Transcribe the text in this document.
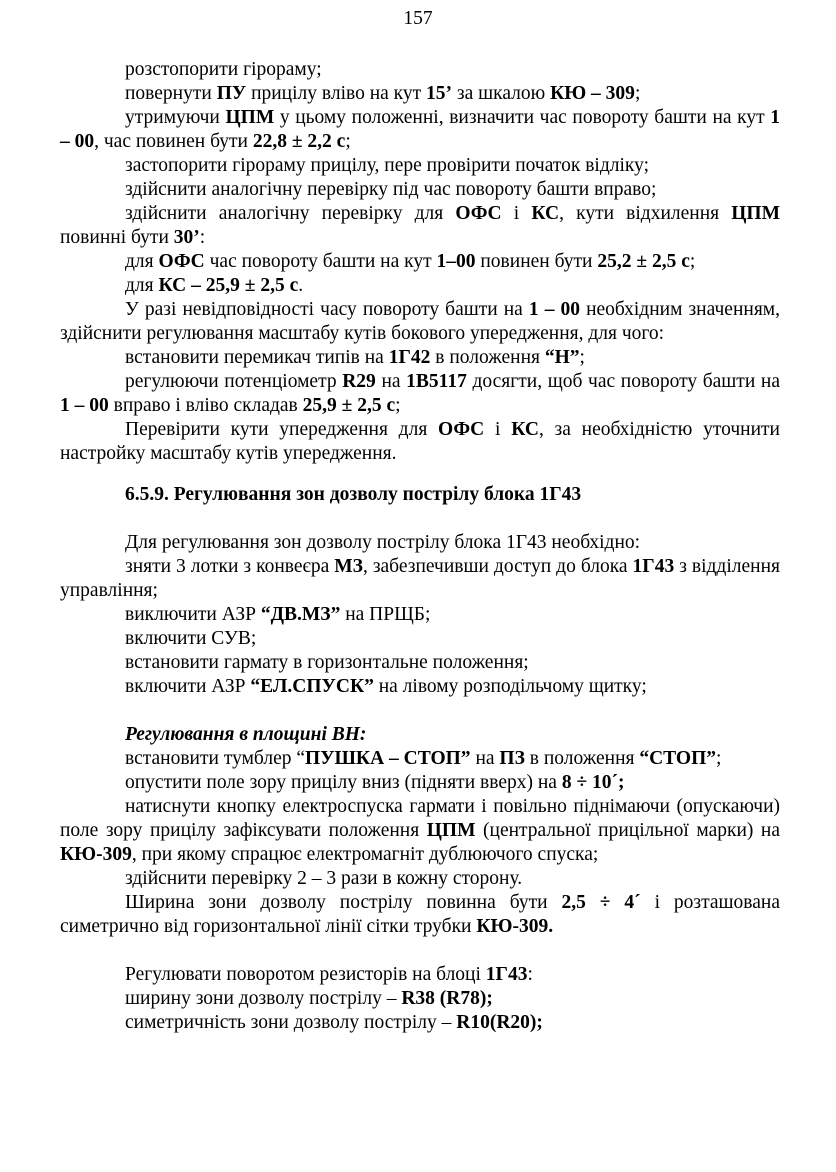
157

розстопорити гірораму;

повернути ПУ прицілу вліво на кут 15’ за шкалою КЮ – 309;

утримуючи ЦПМ у цьому положенні, визначити час повороту башти на кут 1 – 00, час повинен бути 22,8 ± 2,2 с;

застопорити гірораму прицілу, пере провірити початок відліку;

здійснити аналогічну перевірку під час повороту башти вправо;

здійснити аналогічну перевірку для ОФС і КС, кути відхилення ЦПМ повинні бути 30’:

для ОФС час повороту башти на кут 1–00 повинен бути 25,2 ± 2,5 с;

для КС – 25,9 ± 2,5 с.

У разі невідповідності часу повороту башти на 1 – 00 необхідним значенням, здійснити регулювання масштабу кутів бокового упередження, для чого:

встановити перемикач типів на 1Г42 в положення “Н”;

регулюючи потенціометр R29 на 1В5117 досягти, щоб час повороту башти на 1 – 00 вправо і вліво складав 25,9 ± 2,5 с;

Перевірити кути упередження для ОФС і КС, за необхідністю уточнити настройку масштабу кутів упередження.

6.5.9. Регулювання зон дозволу пострілу блока 1Г43

Для регулювання зон дозволу пострілу блока 1Г43 необхідно:

зняти 3 лотки з конвеєра МЗ, забезпечивши доступ до блока 1Г43 з відділення управління;

виключити АЗР “ДВ.МЗ” на ПРЩБ;

включити СУВ;

встановити гармату в горизонтальне положення;

включити АЗР “ЕЛ.СПУСК” на лівому розподільчому щитку;

Регулювання в площині ВН:

встановити тумблер “ПУШКА – СТОП” на ПЗ в положення “СТОП”;

опустити поле зору прицілу вниз (підняти вверх) на 8 ÷ 10´;

натиснути кнопку електроспуска гармати і повільно піднімаючи (опускаючи) поле зору прицілу зафіксувати положення ЦПМ (центральної прицільної марки) на КЮ-309, при якому спрацює електромагніт дублюючого спуска;

здійснити перевірку 2 – 3 рази в кожну сторону.

Ширина зони дозволу пострілу повинна бути 2,5 ÷ 4´ і розташована симетрично від горизонтальної лінії сітки трубки КЮ-309.

Регулювати поворотом резисторів на блоці 1Г43:

ширину зони дозволу пострілу – R38 (R78);

симетричність зони дозволу пострілу – R10(R20);
